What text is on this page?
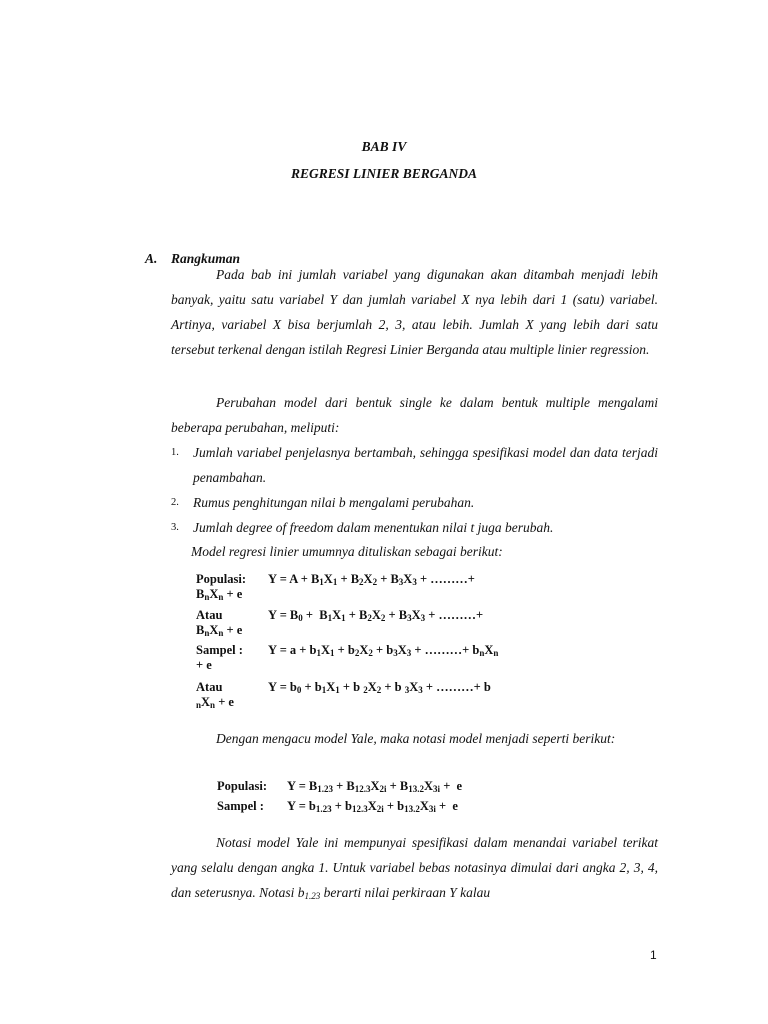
BAB IV
REGRESI LINIER BERGANDA
A. Rangkuman

Pada bab ini jumlah variabel yang digunakan akan ditambah menjadi lebih banyak, yaitu satu variabel Y dan jumlah variabel X nya lebih dari 1 (satu) variabel. Artinya, variabel X bisa berjumlah 2, 3, atau lebih. Jumlah X yang lebih dari satu tersebut terkenal dengan istilah Regresi Linier Berganda atau multiple linier regression.

Perubahan model dari bentuk single ke dalam bentuk multiple mengalami beberapa perubahan, meliputi:

1. Jumlah variabel penjelasnya bertambah, sehingga spesifikasi model dan data terjadi penambahan.
2. Rumus penghitungan nilai b mengalami perubahan.
3. Jumlah degree of freedom dalam menentukan nilai t juga berubah.
Model regresi linier umumnya dituliskan sebagai berikut:
Populasi: $Y = A + B_1X_1 + B_2X_2 + B_3X_3$ + ………+
$B_nX_n + e$
Atau	$Y = B_0 + B_1X_1 + B_2X_2 + B_3X_3$ + ………+
$B_nX_n + e$
Sampel : $Y = a + b_1X_1 + b_2X_2 + b_3X_3$ + ………+ $b_nX_n$
+ e
Atau	$Y = b_0 + b_1X_1 + b$ $_2X_2 + b$ $_3X_3$ + ………+ b
$_nX_n + e$

Dengan mengacu model Yale, maka notasi model menjadi seperti berikut:

Populasi: $Y = B_{1.23} + B_{12.3}X_{2i} + B_{13.2}X_{3i} + e$
Sampel : $Y = b_{1.23} + b_{12.3}X_{2i} + b_{13.2}X_{3i} + e$

Notasi model Yale ini mempunyai spesifikasi dalam menandai variabel terikat yang selalu dengan angka 1. Untuk variabel bebas notasinya dimulai dari angka 2, 3, 4, dan seterusnya. Notasi $b_{1.23}$ berarti nilai perkiraan Y kalau

1
